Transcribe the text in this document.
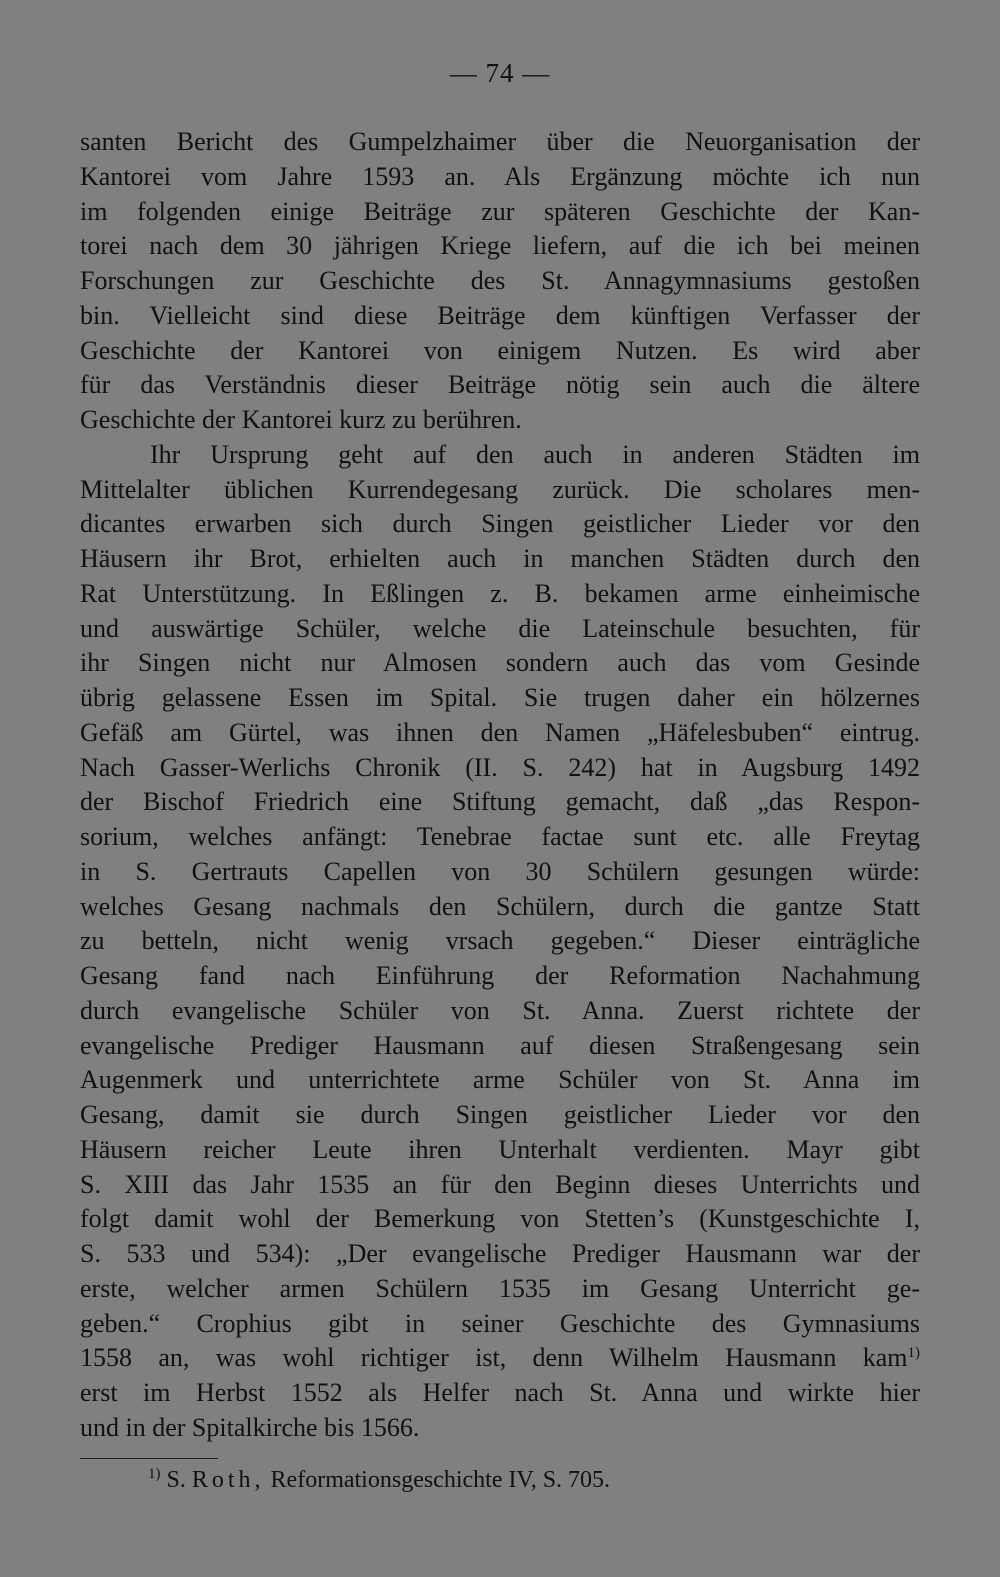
— 74 —
santen Bericht des Gumpelzhaimer über die Neuorganisation der
Kantorei vom Jahre 1593 an. Als Ergänzung möchte ich nun
im folgenden einige Beiträge zur späteren Geschichte der Kan-
torei nach dem 30 jährigen Kriege liefern, auf die ich bei meinen
Forschungen zur Geschichte des St. Annagymnasiums gestoßen
bin. Vielleicht sind diese Beiträge dem künftigen Verfasser der
Geschichte der Kantorei von einigem Nutzen. Es wird aber
für das Verständnis dieser Beiträge nötig sein auch die ältere
Geschichte der Kantorei kurz zu berühren.
Ihr Ursprung geht auf den auch in anderen Städten im
Mittelalter üblichen Kurrendegesang zurück. Die scholares men-
dicantes erwarben sich durch Singen geistlicher Lieder vor den
Häusern ihr Brot, erhielten auch in manchen Städten durch den
Rat Unterstützung. In Eßlingen z. B. bekamen arme einheimische
und auswärtige Schüler, welche die Lateinschule besuchten, für
ihr Singen nicht nur Almosen sondern auch das vom Gesinde
übrig gelassene Essen im Spital. Sie trugen daher ein hölzernes
Gefäß am Gürtel, was ihnen den Namen „Häfelesbuben“ eintrug.
Nach Gasser-Werlichs Chronik (II. S. 242) hat in Augsburg 1492
der Bischof Friedrich eine Stiftung gemacht, daß „das Respon-
sorium, welches anfängt: Tenebrae factae sunt etc. alle Freytag
in S. Gertrauts Capellen von 30 Schülern gesungen würde:
welches Gesang nachmals den Schülern, durch die gantze Statt
zu betteln, nicht wenig vrsach gegeben.“ Dieser einträgliche
Gesang fand nach Einführung der Reformation Nachahmung
durch evangelische Schüler von St. Anna. Zuerst richtete der
evangelische Prediger Hausmann auf diesen Straßengesang sein
Augenmerk und unterrichtete arme Schüler von St. Anna im
Gesang, damit sie durch Singen geistlicher Lieder vor den
Häusern reicher Leute ihren Unterhalt verdienten. Mayr gibt
S. XIII das Jahr 1535 an für den Beginn dieses Unterrichts und
folgt damit wohl der Bemerkung von Stetten’s (Kunstgeschichte I,
S. 533 und 534): „Der evangelische Prediger Hausmann war der
erste, welcher armen Schülern 1535 im Gesang Unterricht ge-
geben.“ Crophius gibt in seiner Geschichte des Gymnasiums
1558 an, was wohl richtiger ist, denn Wilhelm Hausmann kam$^{1)}$
erst im Herbst 1552 als Helfer nach St. Anna und wirkte hier
und in der Spitalkirche bis 1566.
$^{1)}$ S. Roth, Reformationsgeschichte IV, S. 705.
